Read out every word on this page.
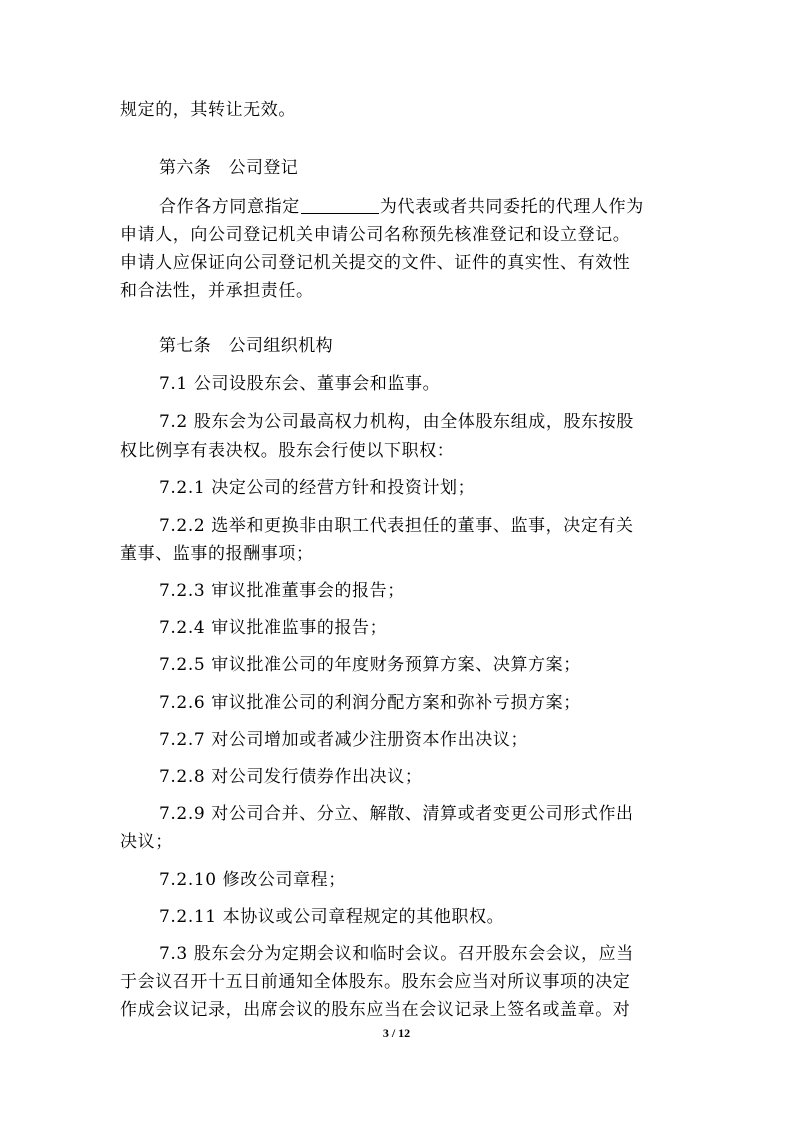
规定的，其转让无效。
第六条　公司登记
合作各方同意指定	为代表或者共同委托的代理人作为
申请人，向公司登记机关申请公司名称预先核准登记和设立登记。
申请人应保证向公司登记机关提交的文件、证件的真实性、有效性
和合法性，并承担责任。
第七条　公司组织机构
7.1 公司设股东会、董事会和监事。
7.2 股东会为公司最高权力机构，由全体股东组成，股东按股
权比例享有表决权。股东会行使以下职权：
7.2.1 决定公司的经营方针和投资计划；
7.2.2 选举和更换非由职工代表担任的董事、监事，决定有关
董事、监事的报酬事项；
7.2.3 审议批准董事会的报告；
7.2.4 审议批准监事的报告；
7.2.5 审议批准公司的年度财务预算方案、决算方案；
7.2.6 审议批准公司的利润分配方案和弥补亏损方案；
7.2.7 对公司增加或者减少注册资本作出决议；
7.2.8 对公司发行债券作出决议；
7.2.9 对公司合并、分立、解散、清算或者变更公司形式作出
决议；
7.2.10 修改公司章程；
7.2.11 本协议或公司章程规定的其他职权。
7.3 股东会分为定期会议和临时会议。召开股东会会议，应当
于会议召开十五日前通知全体股东。股东会应当对所议事项的决定
作成会议记录，出席会议的股东应当在会议记录上签名或盖章。对
3 / 12
